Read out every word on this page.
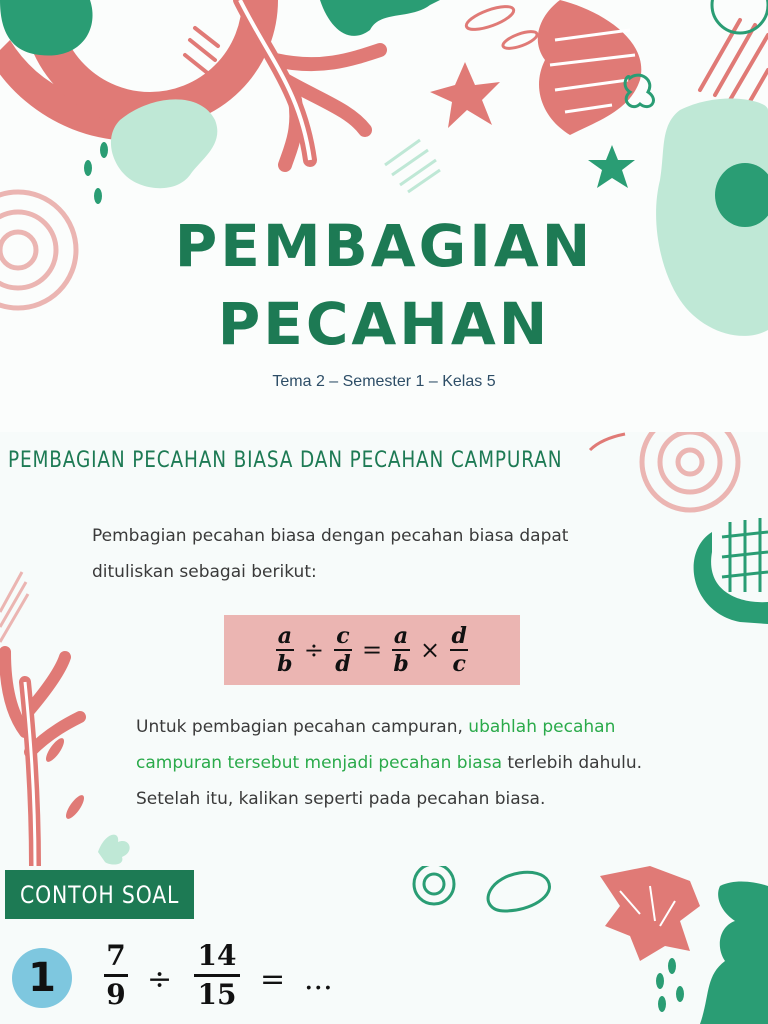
PEMBAGIAN
PECAHAN
Tema 2 – Semester 1 – Kelas 5
PEMBAGIAN PECAHAN BIASA DAN PECAHAN CAMPURAN
Pembagian pecahan biasa dengan pecahan biasa dapat
dituliskan sebagai berikut:
$\frac{a}{b} \div \frac{c}{d} = \frac{a}{b} \times \frac{d}{c}$
Untuk pembagian pecahan campuran, ubahlah pecahan
campuran tersebut menjadi pecahan biasa terlebih dahulu.
Setelah itu, kalikan seperti pada pecahan biasa.
CONTOH SOAL
1	7
9 ÷
14
15 = ...
